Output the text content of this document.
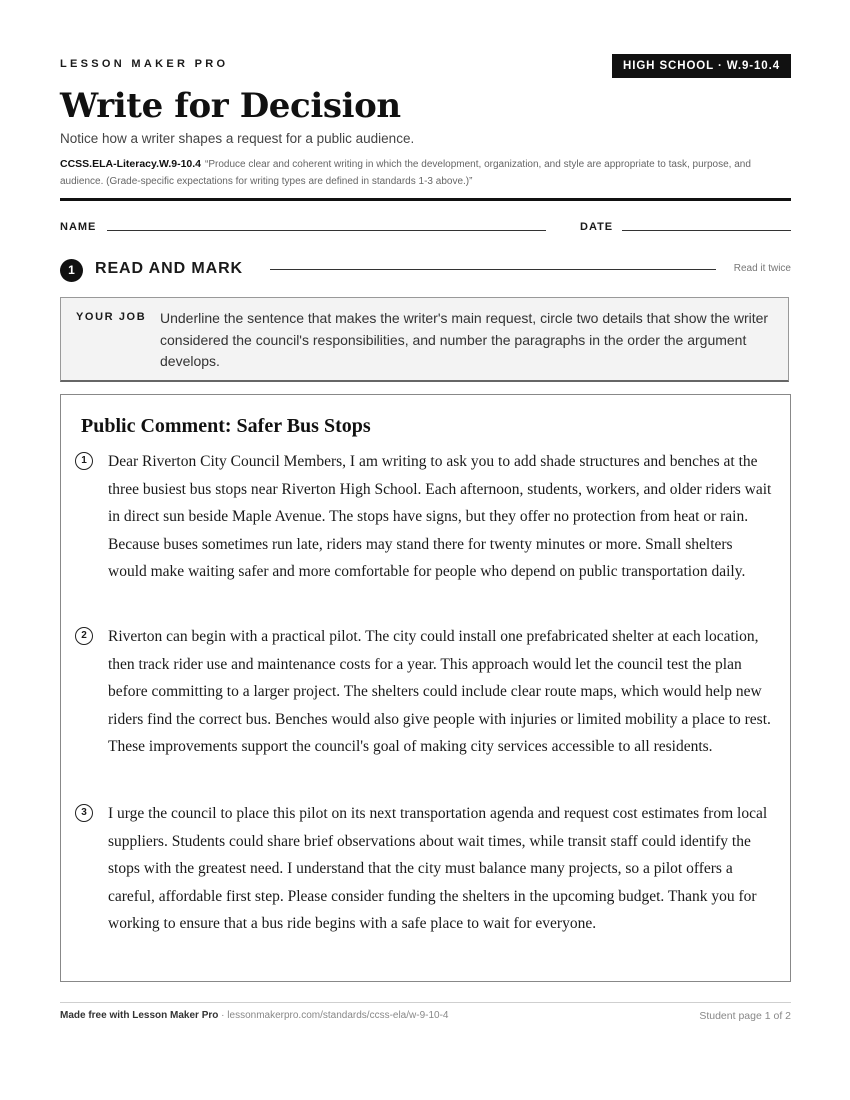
LESSON MAKER PRO	HIGH SCHOOL · W.9-10.4
Write for Decision
Notice how a writer shapes a request for a public audience.
CCSS.ELA-Literacy.W.9-10.4 “Produce clear and coherent writing in which the development, organization, and style are appropriate to task, purpose, and audience. (Grade-specific expectations for writing types are defined in standards 1-3 above.)”
NAME	DATE
1	READ AND MARK	Read it twice
YOUR JOB Underline the sentence that makes the writer's main request, circle two details that show the writer considered the council's responsibilities, and number the paragraphs in the order the argument develops.
Public Comment: Safer Bus Stops
1	Dear Riverton City Council Members, I am writing to ask you to add shade structures and benches at the three busiest bus stops near Riverton High School. Each afternoon, students, workers, and older riders wait in direct sun beside Maple Avenue. The stops have signs, but they offer no protection from heat or rain. Because buses sometimes run late, riders may stand there for twenty minutes or more. Small shelters would make waiting safer and more comfortable for people who depend on public transportation daily.
2	Riverton can begin with a practical pilot. The city could install one prefabricated shelter at each location, then track rider use and maintenance costs for a year. This approach would let the council test the plan before committing to a larger project. The shelters could include clear route maps, which would help new riders find the correct bus. Benches would also give people with injuries or limited mobility a place to rest. These improvements support the council's goal of making city services accessible to all residents.
3	I urge the council to place this pilot on its next transportation agenda and request cost estimates from local suppliers. Students could share brief observations about wait times, while transit staff could identify the stops with the greatest need. I understand that the city must balance many projects, so a pilot offers a careful, affordable first step. Please consider funding the shelters in the upcoming budget. Thank you for working to ensure that a bus ride begins with a safe place to wait for everyone.
Made free with Lesson Maker Pro · lessonmakerpro.com/standards/ccss-ela/w-9-10-4	Student page 1 of 2
